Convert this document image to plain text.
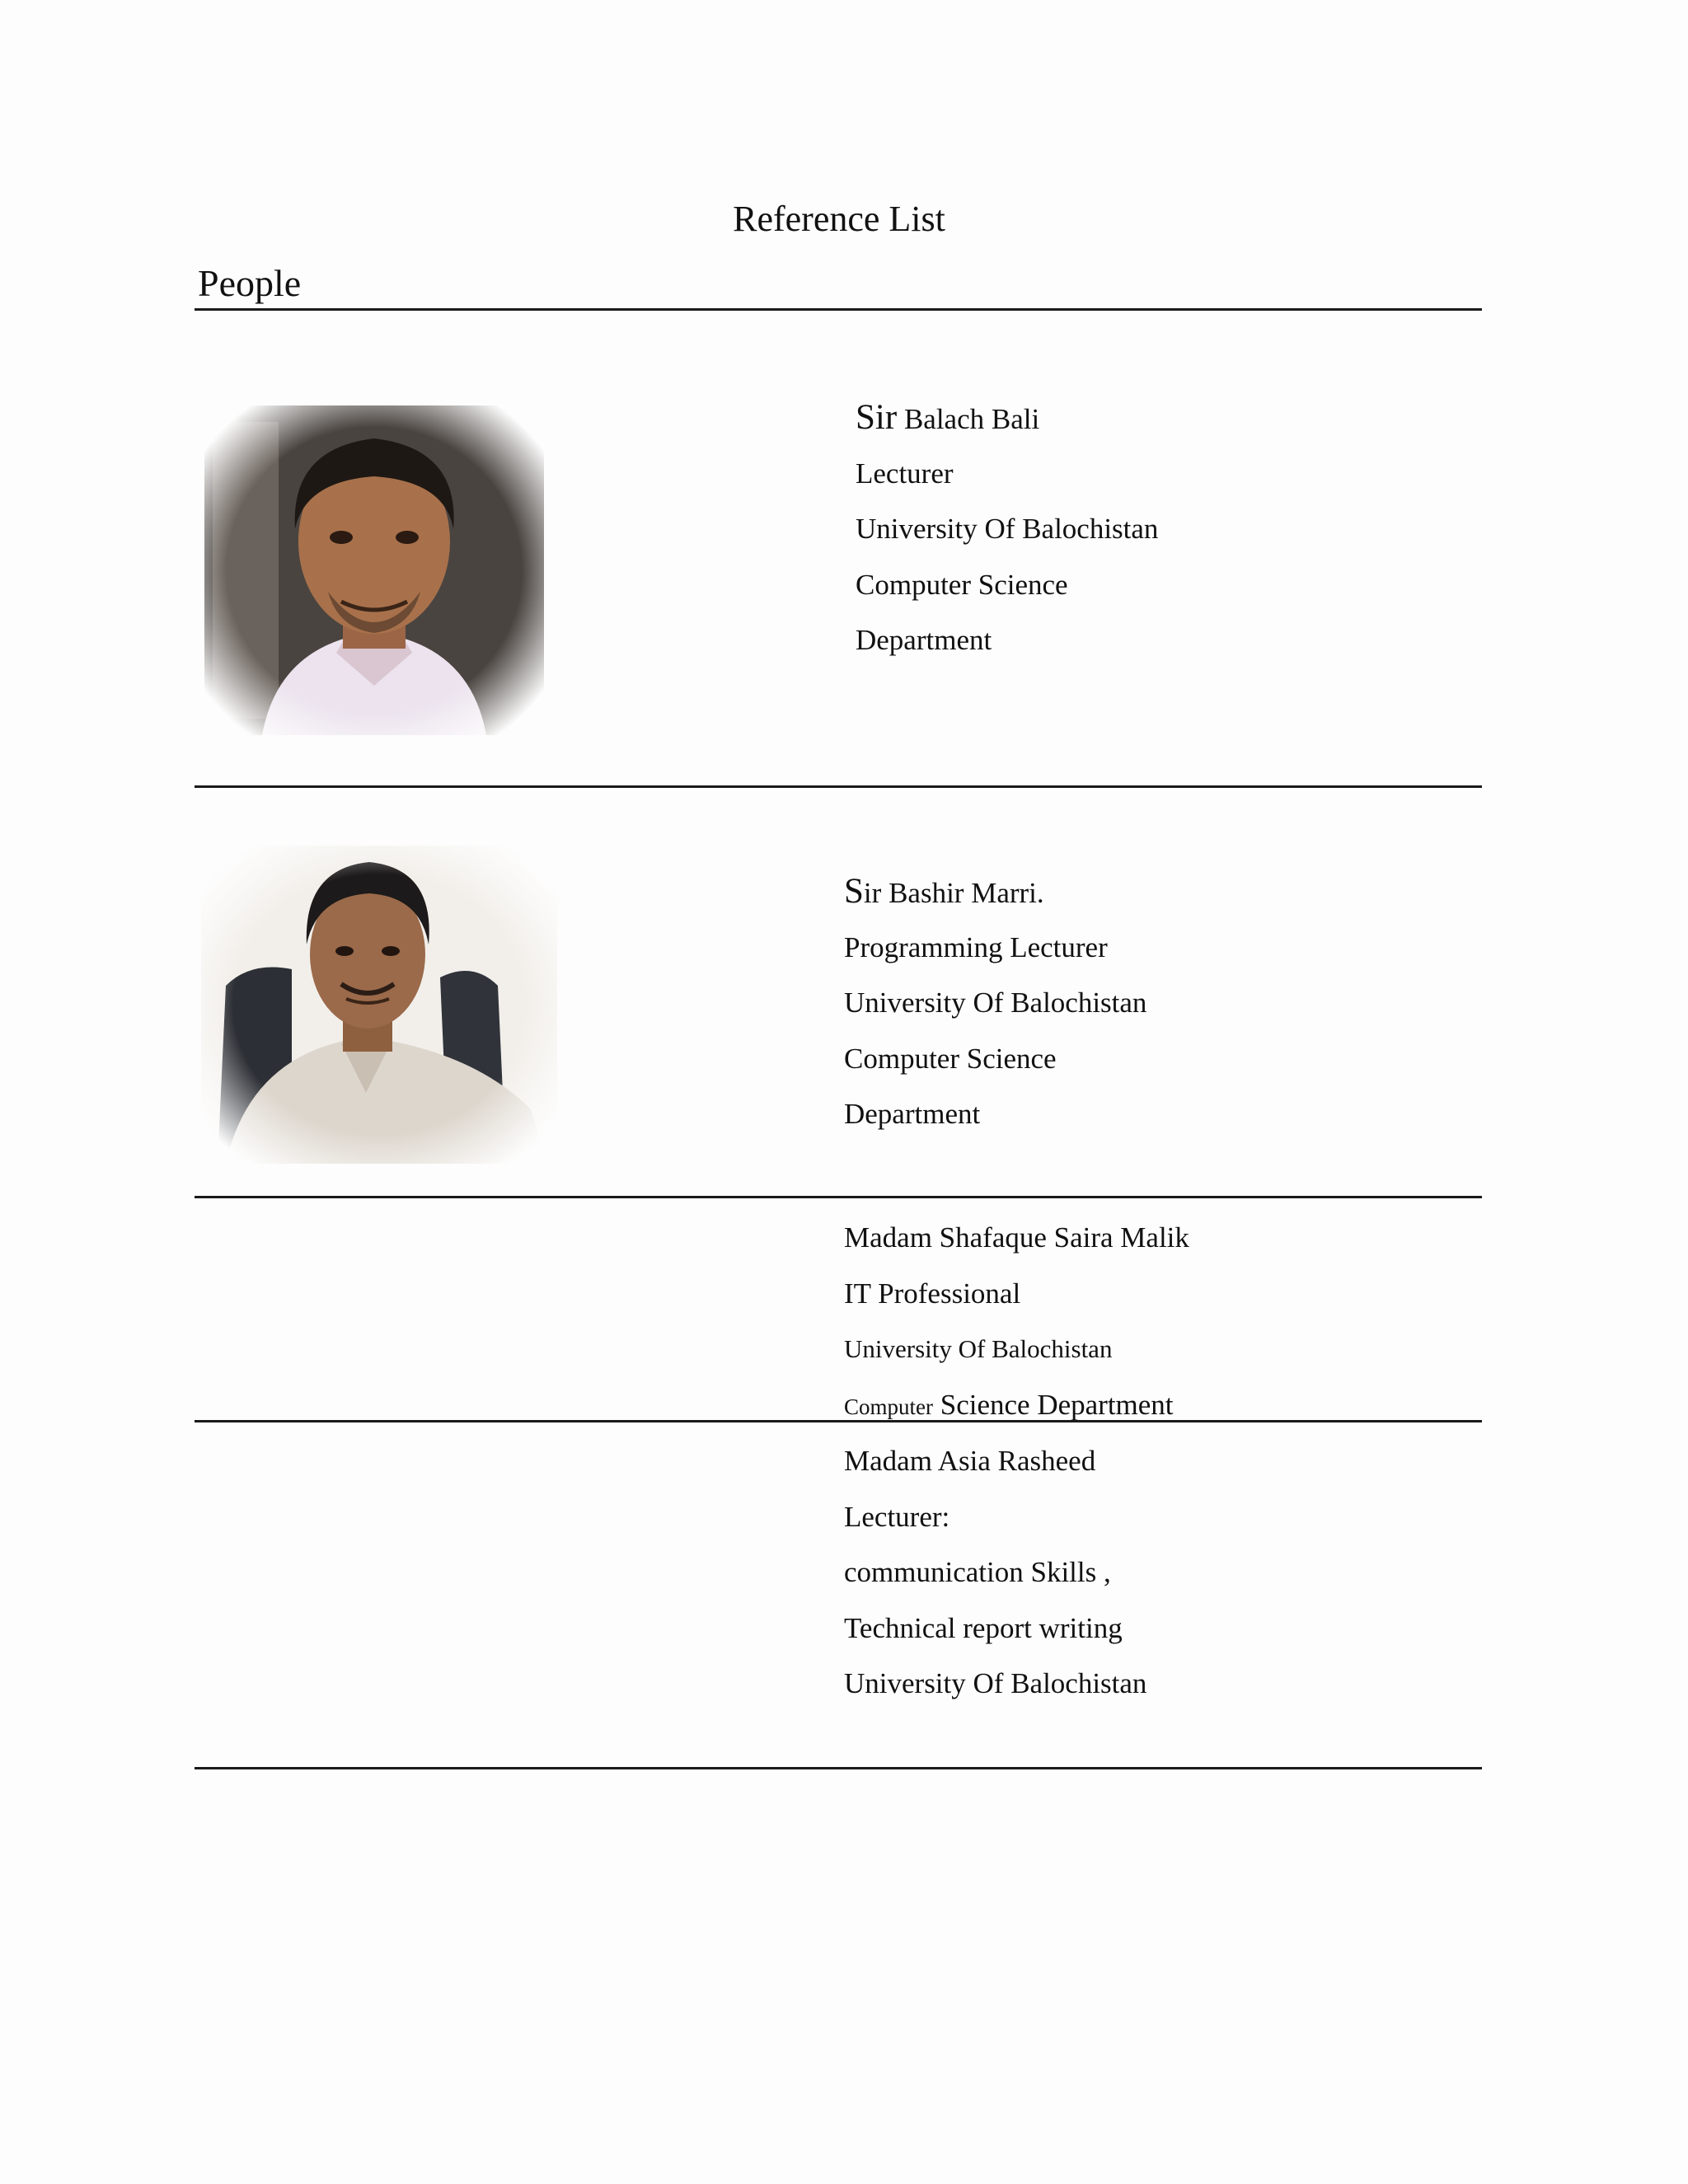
Reference List
People
Sir Balach Bali
Lecturer
University Of Balochistan
Computer Science
Department
Sir Bashir Marri.
Programming Lecturer
University Of Balochistan
Computer Science
Department
Madam Shafaque Saira Malik
IT Professional
University Of Balochistan
Computer Science Department
Madam Asia Rasheed
Lecturer:
communication Skills ,
Technical report writing
University Of Balochistan
